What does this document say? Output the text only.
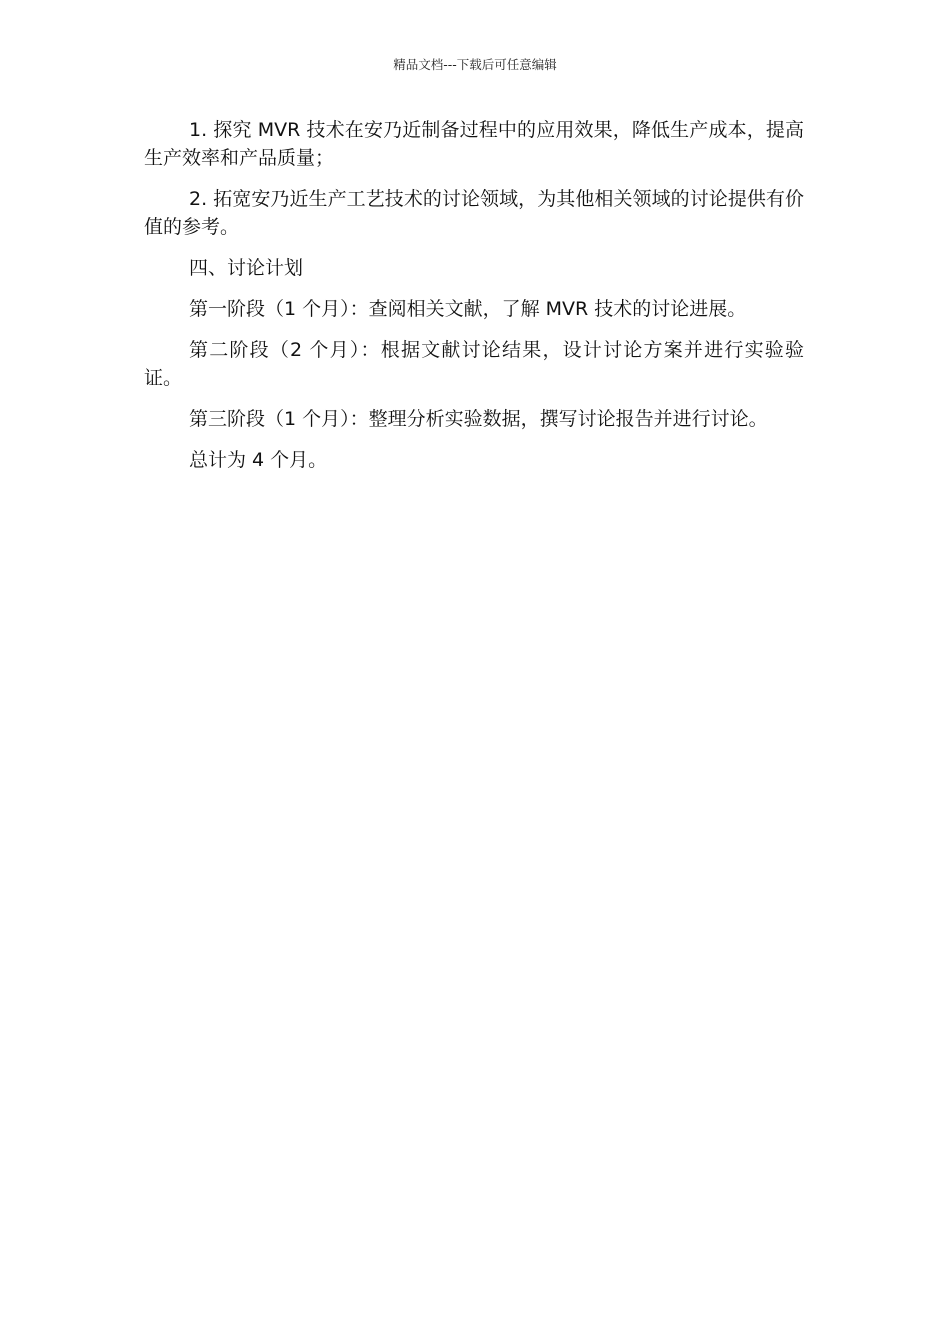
精品文档---下载后可任意编辑

1. 探究 MVR 技术在安乃近制备过程中的应用效果，降低生产成本，提高生产效率和产品质量；

2. 拓宽安乃近生产工艺技术的讨论领域，为其他相关领域的讨论提供有价值的参考。

四、讨论计划

第一阶段（1 个月）：查阅相关文献，了解 MVR 技术的讨论进展。

第二阶段（2 个月）：根据文献讨论结果，设计讨论方案并进行实验验证。

第三阶段（1 个月）：整理分析实验数据，撰写讨论报告并进行讨论。

总计为 4 个月。
